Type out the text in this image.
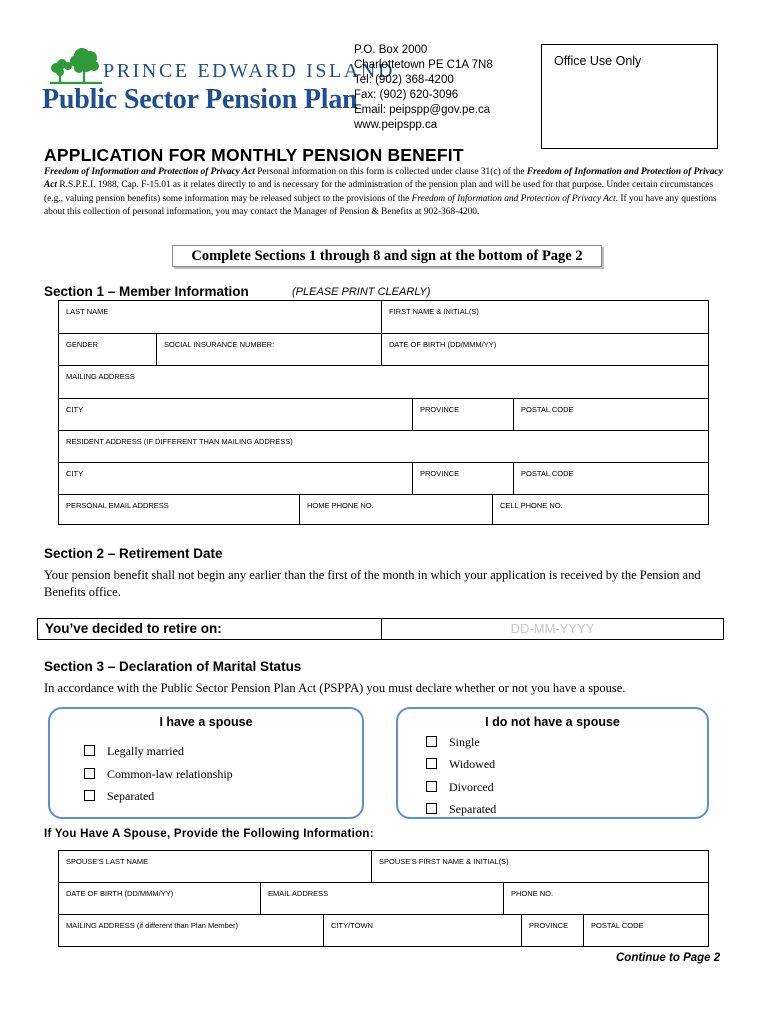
PRINCE EDWARD ISLAND
Public Sector Pension Plan
P.O. Box 2000
Charlottetown PE C1A 7N8
Tel: (902) 368-4200
Fax: (902) 620-3096
Email: peipspp@gov.pe.ca
www.peipspp.ca
Office Use Only
APPLICATION FOR MONTHLY PENSION BENEFIT
Freedom of Information and Protection of Privacy Act Personal information on this form is collected under clause 31(c) of the Freedom of Information and Protection of Privacy Act R.S.P.E.I. 1988, Cap. F-15.01 as it relates directly to and is necessary for the administration of the pension plan and will be used for that purpose. Under certain circumstances (e.g., valuing pension benefits) some information may be released subject to the provisions of the Freedom of Information and Protection of Privacy Act. If you have any questions about this collection of personal information, you may contact the Manager of Pension & Benefits at 902-368-4200.
Complete Sections 1 through 8 and sign at the bottom of Page 2
Section 1 – Member Information	(PLEASE PRINT CLEARLY)
LAST NAME	FIRST NAME & INITIAL(S)
GENDER	SOCIAL INSURANCE NUMBER:	DATE OF BIRTH (DD/MMM/YY)
MAILING ADDRESS
CITY	PROVINCE	POSTAL CODE
RESIDENT ADDRESS (IF DIFFERENT THAN MAILING ADDRESS)
CITY	PROVINCE	POSTAL CODE
PERSONAL EMAIL ADDRESS	HOME PHONE NO.	CELL PHONE NO.
Section 2 – Retirement Date
Your pension benefit shall not begin any earlier than the first of the month in which your application is received by the Pension and Benefits office.
You’ve decided to retire on:	DD-MM-YYYY
Section 3 – Declaration of Marital Status
In accordance with the Public Sector Pension Plan Act (PSPPA) you must declare whether or not you have a spouse.
I have a spouse
Legally married
Common-law relationship
Separated
I do not have a spouse
Single
Widowed
Divorced
Separated
If You Have A Spouse, Provide the Following Information:
SPOUSE'S LAST NAME	SPOUSE'S FIRST NAME & INITIAL(S)
DATE OF BIRTH (DD/MMM/YY)	EMAIL ADDRESS	PHONE NO.
MAILING ADDRESS (if different than Plan Member)	CITY/TOWN	PROVINCE	POSTAL CODE
Continue to Page 2
